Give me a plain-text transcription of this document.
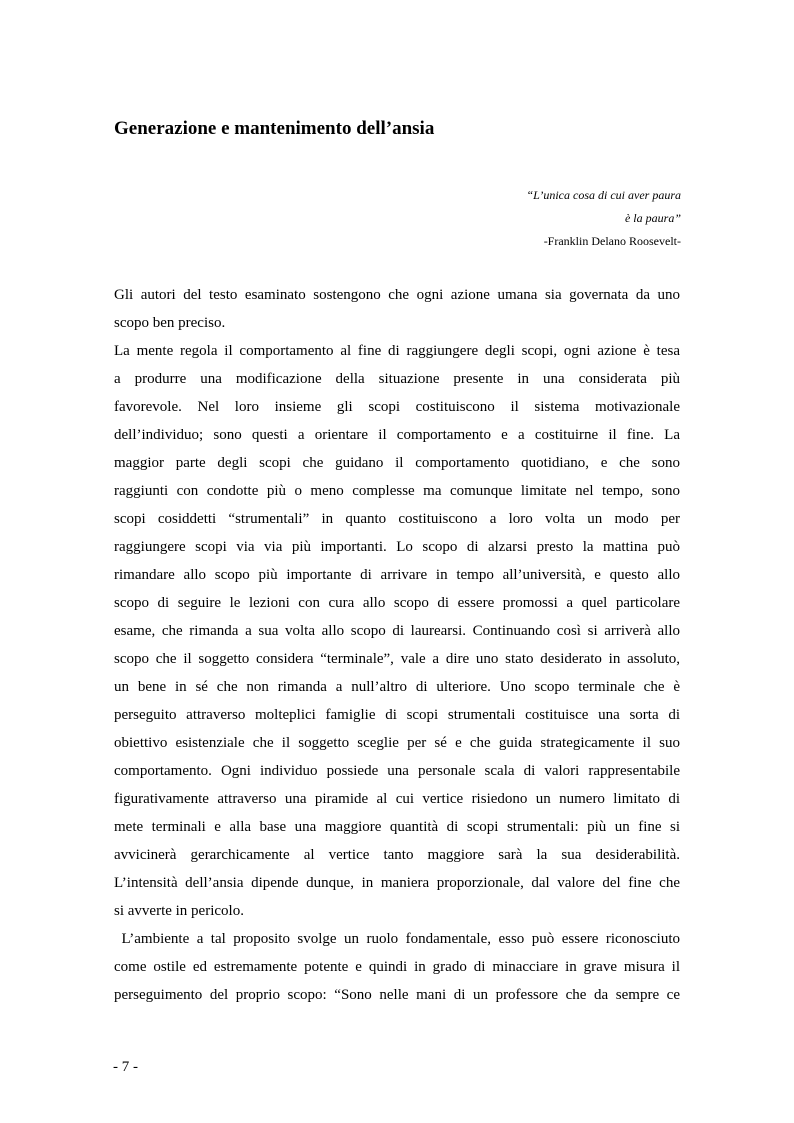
Generazione e mantenimento dell’ansia
“L’unica cosa di cui aver paura
è la paura”
-Franklin Delano Roosevelt-
Gli autori del testo esaminato sostengono che ogni azione umana sia governata da uno
scopo ben preciso.
La mente regola il comportamento al fine di raggiungere degli scopi, ogni azione è tesa
a produrre una modificazione della situazione presente in una considerata più
favorevole. Nel loro insieme gli scopi costituiscono il sistema motivazionale
dell’individuo; sono questi a orientare il comportamento e a costituirne il fine. La
maggior parte degli scopi che guidano il comportamento quotidiano, e che sono
raggiunti con condotte più o meno complesse ma comunque limitate nel tempo, sono
scopi cosiddetti “strumentali” in quanto costituiscono a loro volta un modo per
raggiungere scopi via via più importanti. Lo scopo di alzarsi presto la mattina può
rimandare allo scopo più importante di arrivare in tempo all’università, e questo allo
scopo di seguire le lezioni con cura allo scopo di essere promossi a quel particolare
esame, che rimanda a sua volta allo scopo di laurearsi. Continuando così si arriverà allo
scopo che il soggetto considera “terminale”, vale a dire uno stato desiderato in assoluto,
un bene in sé che non rimanda a null’altro di ulteriore. Uno scopo terminale che è
perseguito attraverso molteplici famiglie di scopi strumentali costituisce una sorta di
obiettivo esistenziale che il soggetto sceglie per sé e che guida strategicamente il suo
comportamento. Ogni individuo possiede una personale scala di valori rappresentabile
figurativamente attraverso una piramide al cui vertice risiedono un numero limitato di
mete terminali e alla base una maggiore quantità di scopi strumentali: più un fine si
avvicinerà gerarchicamente al vertice tanto maggiore sarà la sua desiderabilità.
L’intensità dell’ansia dipende dunque, in maniera proporzionale, dal valore del fine che
si avverte in pericolo.
L’ambiente a tal proposito svolge un ruolo fondamentale, esso può essere riconosciuto
come ostile ed estremamente potente e quindi in grado di minacciare in grave misura il
perseguimento del proprio scopo: “Sono nelle mani di un professore che da sempre ce
- 7 -
